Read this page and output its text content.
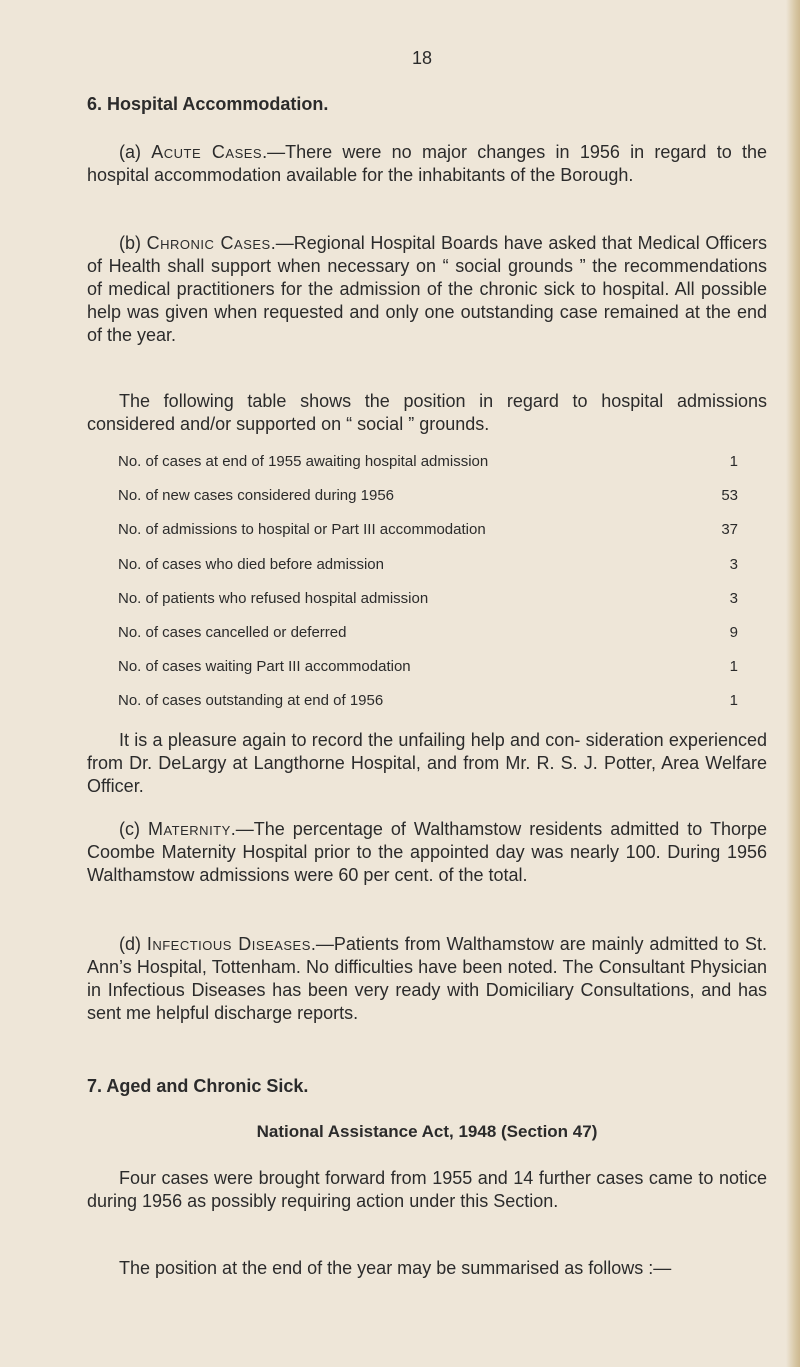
18
6. Hospital Accommodation.
(a) Acute Cases.—There were no major changes in 1956 in regard to the hospital accommodation available for the inhabitants of the Borough.
(b) Chronic Cases.—Regional Hospital Boards have asked that Medical Officers of Health shall support when necessary on “ social grounds ” the recommendations of medical practitioners for the admission of the chronic sick to hospital. All possible help was given when requested and only one outstanding case remained at the end of the year.
The following table shows the position in regard to hospital admissions considered and/or supported on “ social ” grounds.
No. of cases at end of 1955 awaiting hospital admission	1
No. of new cases considered during 1956	53
No. of admissions to hospital or Part III accommodation	37
No. of cases who died before admission	3
No. of patients who refused hospital admission	3
No. of cases cancelled or deferred	9
No. of cases waiting Part III accommodation	1
No. of cases outstanding at end of 1956	1
It is a pleasure again to record the unfailing help and con- sideration experienced from Dr. DeLargy at Langthorne Hospital, and from Mr. R. S. J. Potter, Area Welfare Officer.
(c) Maternity.—The percentage of Walthamstow residents admitted to Thorpe Coombe Maternity Hospital prior to the appointed day was nearly 100. During 1956 Walthamstow admissions were 60 per cent. of the total.
(d) Infectious Diseases.—Patients from Walthamstow are mainly admitted to St. Ann’s Hospital, Tottenham. No difficulties have been noted. The Consultant Physician in Infectious Diseases has been very ready with Domiciliary Consultations, and has sent me helpful discharge reports.
7. Aged and Chronic Sick.
National Assistance Act, 1948 (Section 47)
Four cases were brought forward from 1955 and 14 further cases came to notice during 1956 as possibly requiring action under this Section.
The position at the end of the year may be summarised as follows :—
